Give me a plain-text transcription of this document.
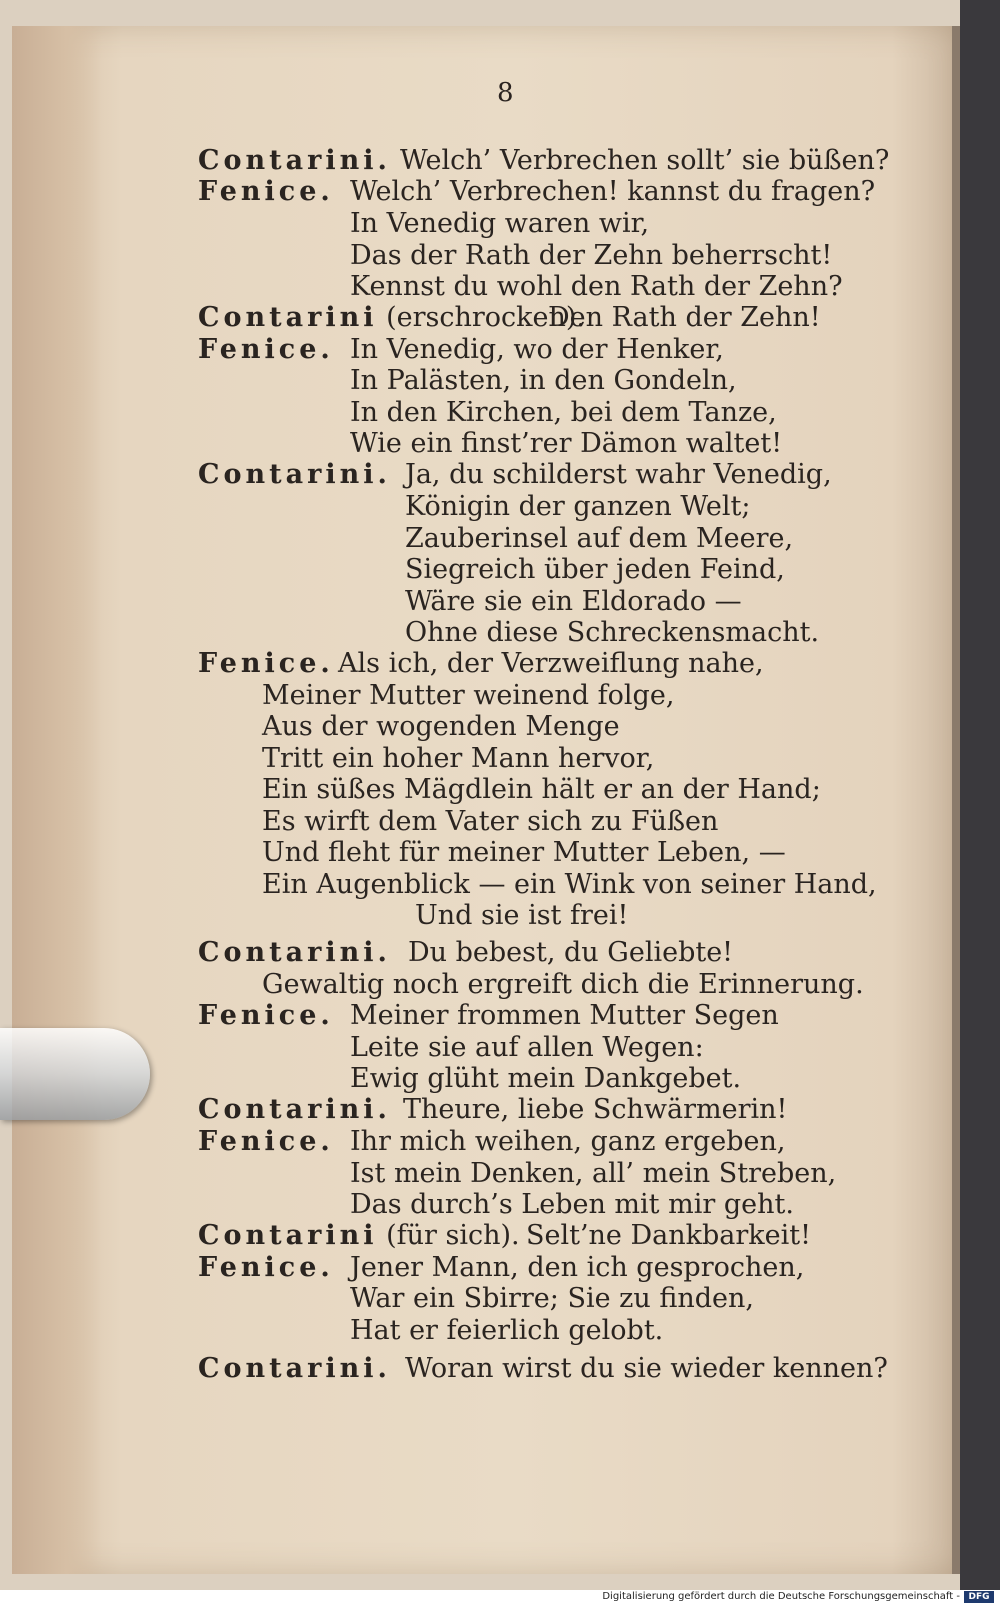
8
Contarini. Welch’ Verbrechen sollt’ sie büßen?
Fenice. Welch’ Verbrechen! kannst du fragen?
In Venedig waren wir,
Das der Rath der Zehn beherrscht!
Kennst du wohl den Rath der Zehn?
Contarini (erschrocken).
Den Rath der Zehn!
Fenice. In Venedig, wo der Henker,
In Palästen, in den Gondeln,
In den Kirchen, bei dem Tanze,
Wie ein finst’rer Dämon waltet!
Contarini. Ja, du schilderst wahr Venedig,
Königin der ganzen Welt;
Zauberinsel auf dem Meere,
Siegreich über jeden Feind,
Wäre sie ein Eldorado —
Ohne diese Schreckensmacht.
Fenice. Als ich, der Verzweiflung nahe,
Meiner Mutter weinend folge,
Aus der wogenden Menge
Tritt ein hoher Mann hervor,
Ein süßes Mägdlein hält er an der Hand;
Es wirft dem Vater sich zu Füßen
Und fleht für meiner Mutter Leben, —
Ein Augenblick — ein Wink von seiner Hand,
Und sie ist frei!
Contarini. Du bebest, du Geliebte!
Gewaltig noch ergreift dich die Erinnerung.
Fenice. Meiner frommen Mutter Segen
Leite sie auf allen Wegen:
Ewig glüht mein Dankgebet.
Contarini. Theure, liebe Schwärmerin!
Fenice. Ihr mich weihen, ganz ergeben,
Ist mein Denken, all’ mein Streben,
Das durch’s Leben mit mir geht.
Contarini (für sich). Selt’ne Dankbarkeit!
Fenice. Jener Mann, den ich gesprochen,
War ein Sbirre; Sie zu finden,
Hat er feierlich gelobt.
Contarini. Woran wirst du sie wieder kennen?
Digitalisierung gefördert durch die Deutsche Forschungsgemeinschaft - DFG
